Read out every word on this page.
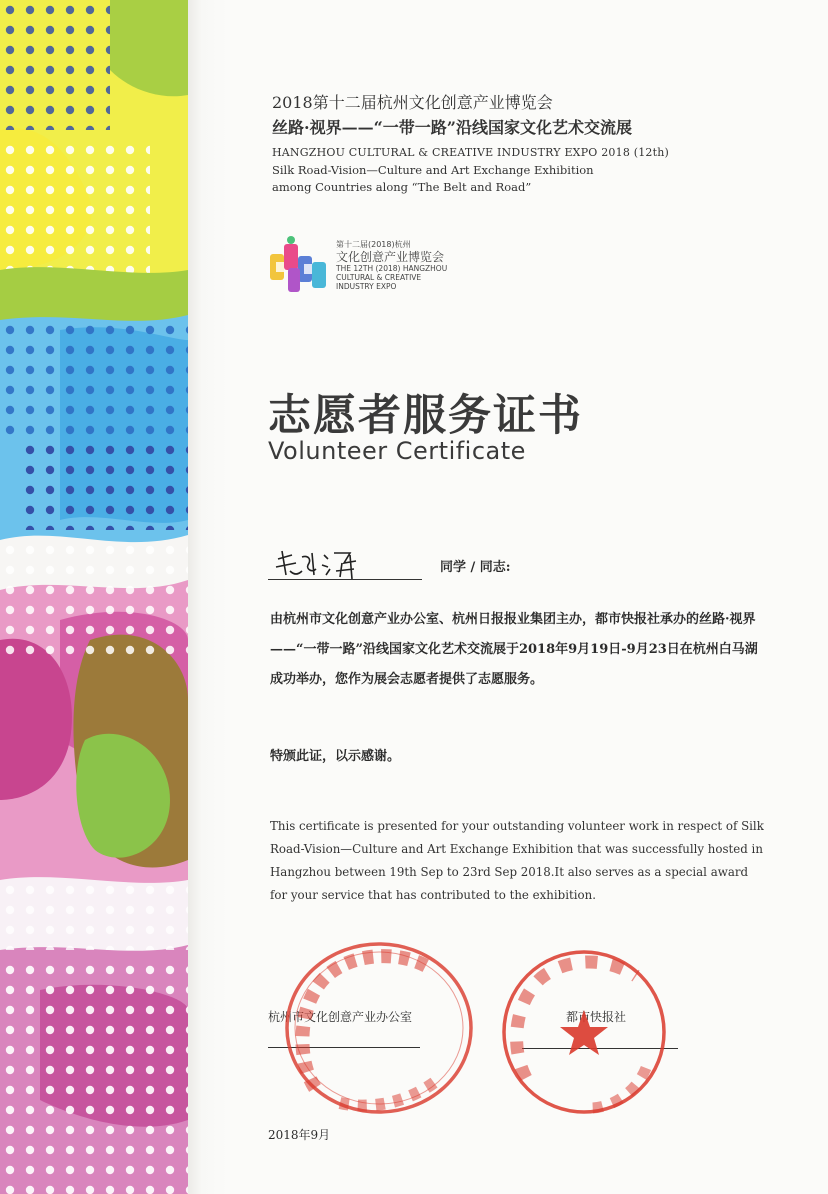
2018第十二届杭州文化创意产业博览会
丝路·视界——“一带一路”沿线国家文化艺术交流展
HANGZHOU CULTURAL & CREATIVE INDUSTRY EXPO 2018 (12th)
Silk Road-Vision—Culture and Art Exchange Exhibition
among Countries along “The Belt and Road”
第十二届(2018)杭州
文化创意产业博览会
THE 12TH (2018) HANGZHOU
CULTURAL & CREATIVE
INDUSTRY EXPO
志愿者服务证书
Volunteer Certificate
同学 / 同志:
由杭州市文化创意产业办公室、杭州日报报业集团主办，都市快报社承办的丝路·视界——“一带一路”沿线国家文化艺术交流展于2018年9月19日-9月23日在杭州白马湖成功举办，您作为展会志愿者提供了志愿服务。
特颁此证，以示感谢。
This certificate is presented for your outstanding volunteer work in respect of Silk Road-Vision—Culture and Art Exchange Exhibition that was successfully hosted in Hangzhou between 19th Sep to 23rd Sep 2018.It also serves as a special award for your service that has contributed to the exhibition.
杭州市文化创意产业办公室	都市快报社
2018年9月
